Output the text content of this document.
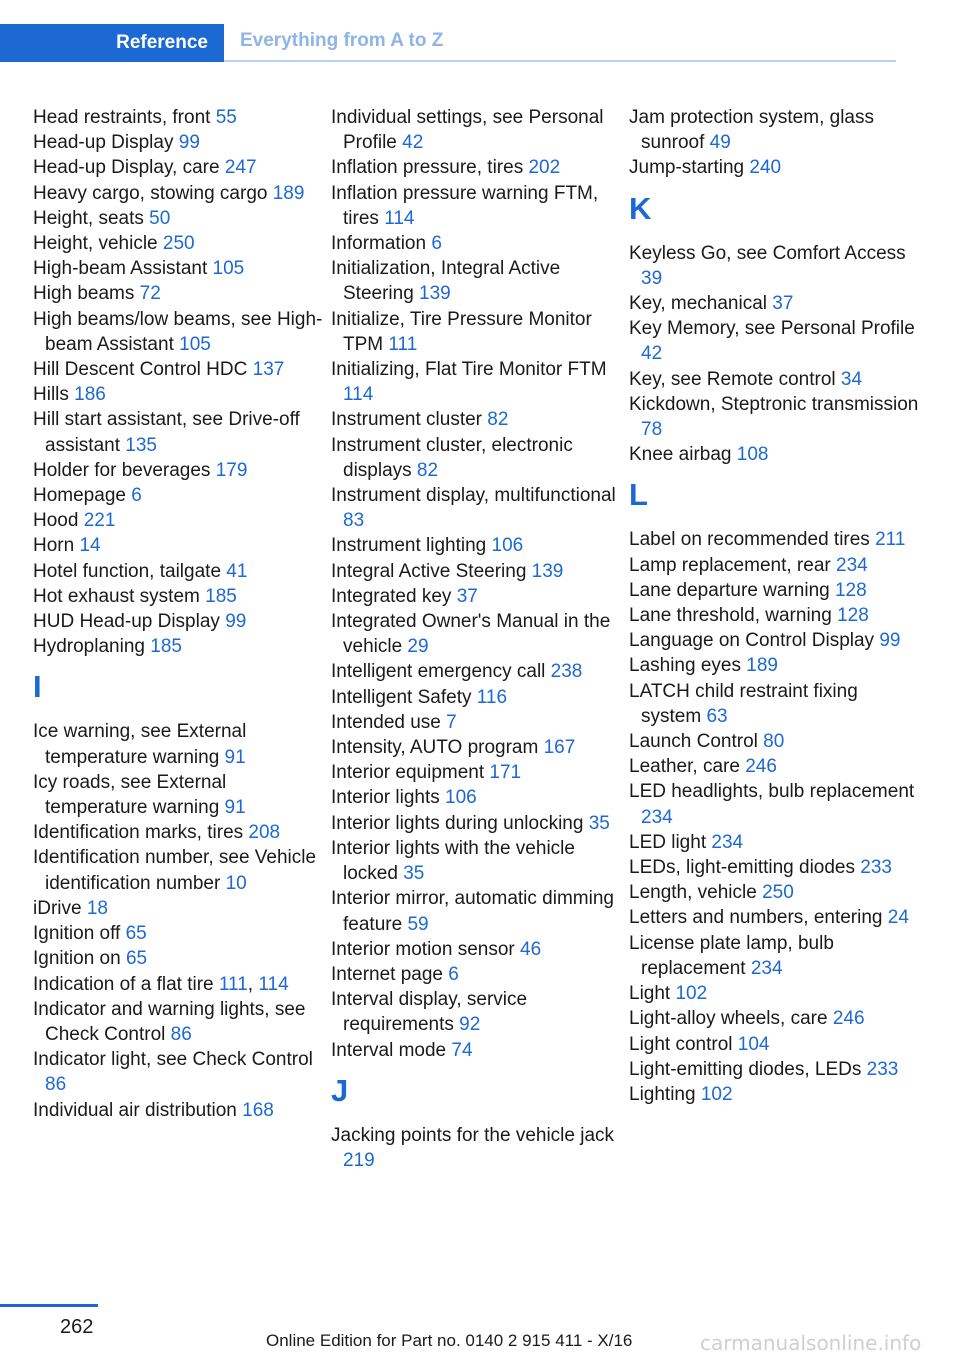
Reference Everything from A to Z
Head restraints, front 55
Head-up Display 99
Head-up Display, care 247
Heavy cargo, stowing cargo 189
Height, seats 50
Height, vehicle 250
High-beam Assistant 105
High beams 72
High beams/low beams, see High-beam Assistant 105
Hill Descent Control HDC 137
Hills 186
Hill start assistant, see Drive-off assistant 135
Holder for beverages 179
Homepage 6
Hood 221
Horn 14
Hotel function, tailgate 41
Hot exhaust system 185
HUD Head-up Display 99
Hydroplaning 185
I
Ice warning, see External temperature warning 91
Icy roads, see External temperature warning 91
Identification marks, tires 208
Identification number, see Vehicle identification number 10
iDrive 18
Ignition off 65
Ignition on 65
Indication of a flat tire 111, 114
Indicator and warning lights, see Check Control 86
Indicator light, see Check Control 86
Individual air distribution 168
Individual settings, see Personal Profile 42
Inflation pressure, tires 202
Inflation pressure warning FTM, tires 114
Information 6
Initialization, Integral Active Steering 139
Initialize, Tire Pressure Monitor TPM 111
Initializing, Flat Tire Monitor FTM 114
Instrument cluster 82
Instrument cluster, electronic displays 82
Instrument display, multifunctional 83
Instrument lighting 106
Integral Active Steering 139
Integrated key 37
Integrated Owner's Manual in the vehicle 29
Intelligent emergency call 238
Intelligent Safety 116
Intended use 7
Intensity, AUTO program 167
Interior equipment 171
Interior lights 106
Interior lights during unlocking 35
Interior lights with the vehicle locked 35
Interior mirror, automatic dimming feature 59
Interior motion sensor 46
Internet page 6
Interval display, service requirements 92
Interval mode 74
J
Jacking points for the vehicle jack 219
Jam protection system, glass sunroof 49
Jump-starting 240
K
Keyless Go, see Comfort Access 39
Key, mechanical 37
Key Memory, see Personal Profile 42
Key, see Remote control 34
Kickdown, Steptronic transmission 78
Knee airbag 108
L
Label on recommended tires 211
Lamp replacement, rear 234
Lane departure warning 128
Lane threshold, warning 128
Language on Control Display 99
Lashing eyes 189
LATCH child restraint fixing system 63
Launch Control 80
Leather, care 246
LED headlights, bulb replacement 234
LED light 234
LEDs, light-emitting diodes 233
Length, vehicle 250
Letters and numbers, entering 24
License plate lamp, bulb replacement 234
Light 102
Light-alloy wheels, care 246
Light control 104
Light-emitting diodes, LEDs 233
Lighting 102
262
Online Edition for Part no. 0140 2 915 411 - X/16	carmanualsonline.info
